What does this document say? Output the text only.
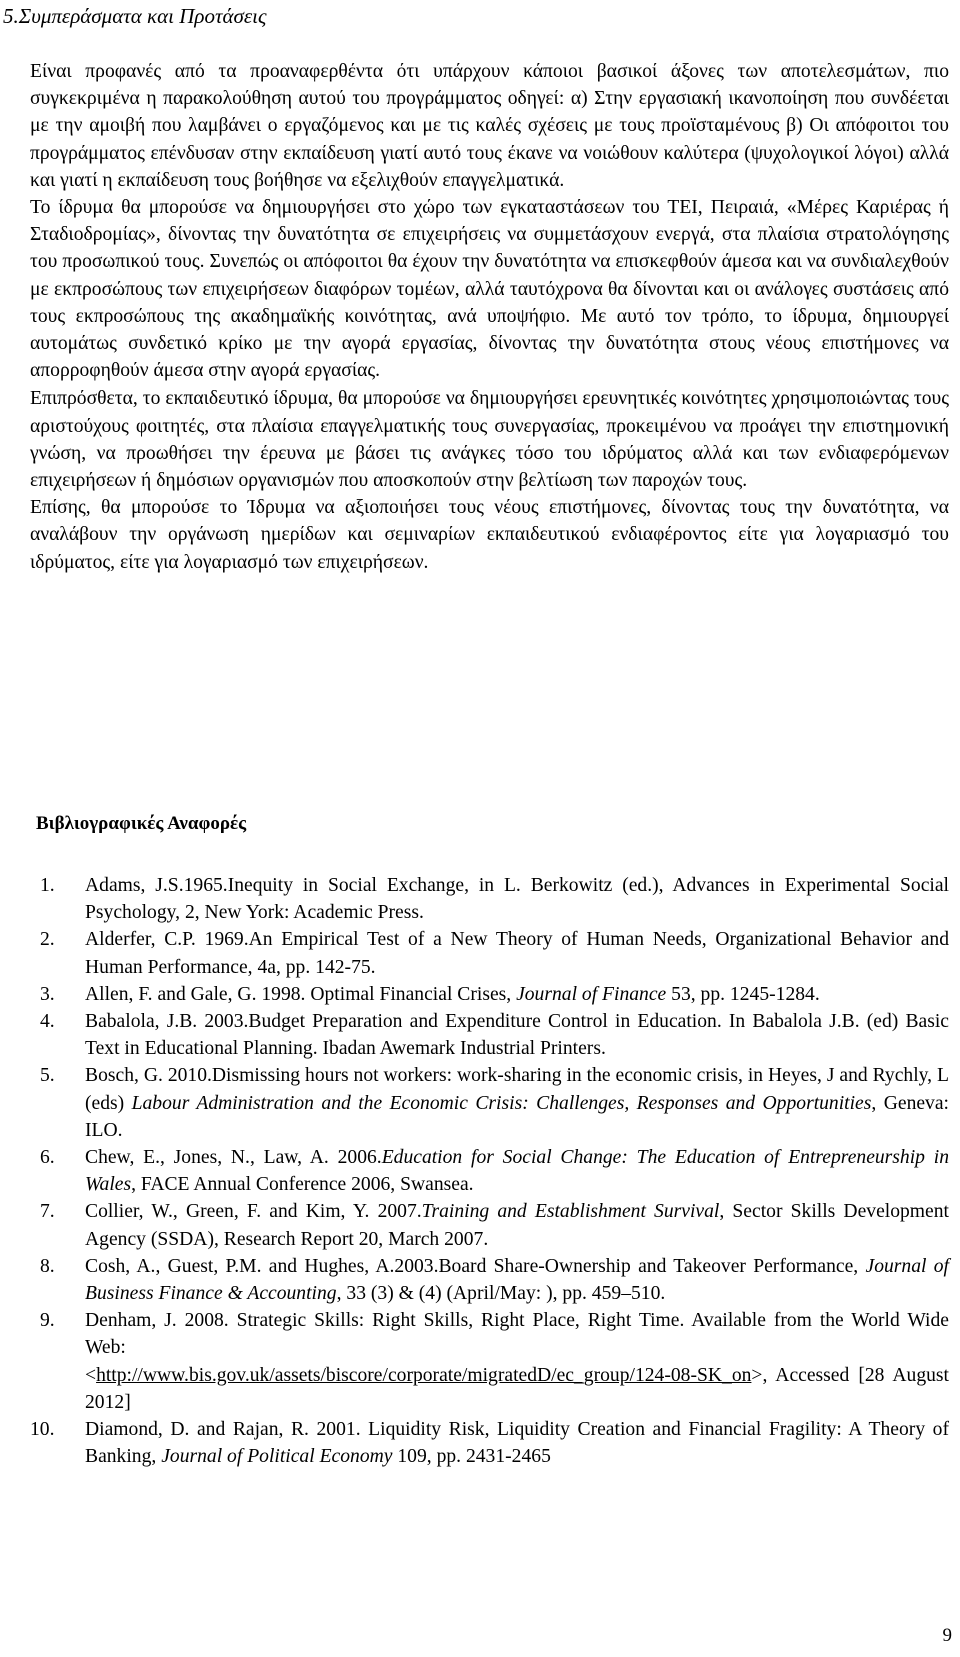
5.Συμπεράσματα και Προτάσεις

Είναι προφανές από τα προαναφερθέντα ότι υπάρχουν κάποιοι βασικοί άξονες των αποτελεσμάτων, πιο συγκεκριμένα η παρακολούθηση αυτού του προγράμματος οδηγεί: α) Στην εργασιακή ικανοποίηση που συνδέεται με την αμοιβή που λαμβάνει ο εργαζόμενος και με τις καλές σχέσεις με τους προϊσταμένους β) Οι απόφοιτοι του προγράμματος επένδυσαν στην εκπαίδευση γιατί αυτό τους έκανε να νοιώθουν καλύτερα (ψυχολογικοί λόγοι) αλλά και γιατί η εκπαίδευση τους βοήθησε να εξελιχθούν επαγγελματικά.

Το ίδρυμα θα μπορούσε να δημιουργήσει στο χώρο των εγκαταστάσεων του ΤΕΙ, Πειραιά, «Μέρες Καριέρας ή Σταδιοδρομίας», δίνοντας την δυνατότητα σε επιχειρήσεις να συμμετάσχουν ενεργά, στα πλαίσια στρατολόγησης του προσωπικού τους. Συνεπώς οι απόφοιτοι θα έχουν την δυνατότητα να επισκεφθούν άμεσα και να συνδιαλεχθούν με εκπροσώπους των επιχειρήσεων διαφόρων τομέων, αλλά ταυτόχρονα θα δίνονται και οι ανάλογες συστάσεις από τους εκπροσώπους της ακαδημαϊκής κοινότητας, ανά υποψήφιο. Με αυτό τον τρόπο, το ίδρυμα, δημιουργεί αυτομάτως συνδετικό κρίκο με την αγορά εργασίας, δίνοντας την δυνατότητα στους νέους επιστήμονες να απορροφηθούν άμεσα στην αγορά εργασίας.

Επιπρόσθετα, το εκπαιδευτικό ίδρυμα, θα μπορούσε να δημιουργήσει ερευνητικές κοινότητες χρησιμοποιώντας τους αριστούχους φοιτητές, στα πλαίσια επαγγελματικής τους συνεργασίας, προκειμένου να προάγει την επιστημονική γνώση, να προωθήσει την έρευνα με βάσει τις ανάγκες τόσο του ιδρύματος αλλά και των ενδιαφερόμενων επιχειρήσεων ή δημόσιων οργανισμών που αποσκοπούν στην βελτίωση των παροχών τους.

Επίσης, θα μπορούσε το Ίδρυμα να αξιοποιήσει τους νέους επιστήμονες, δίνοντας τους την δυνατότητα, να αναλάβουν την οργάνωση ημερίδων και σεμιναρίων εκπαιδευτικού ενδιαφέροντος είτε για λογαριασμό του ιδρύματος, είτε για λογαριασμό των επιχειρήσεων.

Βιβλιογραφικές Αναφορές
1. Adams, J.S.1965.Inequity in Social Exchange, in L. Berkowitz (ed.), Advances in Experimental Social Psychology, 2, New York: Academic Press.
2. Alderfer, C.P. 1969.An Empirical Test of a New Theory of Human Needs, Organizational Behavior and Human Performance, 4a, pp. 142-75.
3. Allen, F. and Gale, G. 1998. Optimal Financial Crises, Journal of Finance 53, pp. 1245-1284.
4. Babalola, J.B. 2003.Budget Preparation and Expenditure Control in Education. In Babalola J.B. (ed) Basic Text in Educational Planning. Ibadan Awemark Industrial Printers.
5. Bosch, G. 2010.Dismissing hours not workers: work-sharing in the economic crisis, in Heyes, J and Rychly, L (eds) Labour Administration and the Economic Crisis: Challenges, Responses and Opportunities, Geneva: ILO.
6. Chew, E., Jones, N., Law, A. 2006.Education for Social Change: The Education of Entrepreneurship in Wales, FACE Annual Conference 2006, Swansea.
7. Collier, W., Green, F. and Kim, Y. 2007.Training and Establishment Survival, Sector Skills Development Agency (SSDA), Research Report 20, March 2007.
8. Cosh, A., Guest, P.M. and Hughes, A.2003.Board Share-Ownership and Takeover Performance, Journal of Business Finance & Accounting, 33 (3) & (4) (April/May: ), pp. 459–510.
9. Denham, J. 2008. Strategic Skills: Right Skills, Right Place, Right Time. Available from the World Wide Web:
<http://www.bis.gov.uk/assets/biscore/corporate/migratedD/ec_group/124-08-SK_on>, Accessed [28 August 2012]
10. Diamond, D. and Rajan, R. 2001. Liquidity Risk, Liquidity Creation and Financial Fragility: A Theory of Banking, Journal of Political Economy 109, pp. 2431-2465
9
